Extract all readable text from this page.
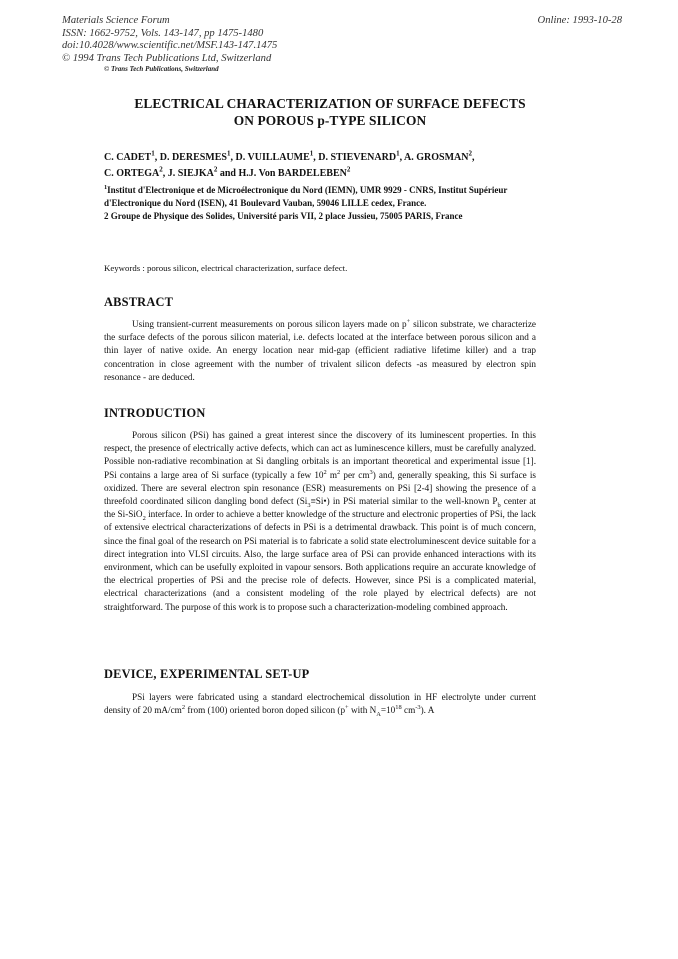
Materials Science Forum	Online: 1993-10-28
ISSN: 1662-9752, Vols. 143-147, pp 1475-1480
doi:10.4028/www.scientific.net/MSF.143-147.1475
© 1994 Trans Tech Publications Ltd, Switzerland
© Trans Tech Publications, Switzerland
ELECTRICAL CHARACTERIZATION OF SURFACE DEFECTS
ON POROUS p-TYPE SILICON
C. CADET$^1$, D. DERESMES$^1$, D. VUILLAUME$^1$, D. STIEVENARD$^1$, A. GROSMAN$^2$,
C. ORTEGA$^2$, J. SIEJKA$^2$ and H.J. Von BARDELEBEN$^2$
$^1$Institut d'Electronique et de Microélectronique du Nord (IEMN), UMR 9929 - CNRS, Institut Supérieur d'Electronique du Nord (ISEN), 41 Boulevard Vauban, 59046 LILLE cedex, France.
2 Groupe de Physique des Solides, Université paris VII, 2 place Jussieu, 75005 PARIS, France
Keywords : porous silicon, electrical characterization, surface defect.
ABSTRACT
Using transient-current measurements on porous silicon layers made on p+ silicon substrate, we characterize the surface defects of the porous silicon material, i.e. defects located at the interface between porous silicon and a thin layer of native oxide. An energy location near mid-gap (efficient radiative lifetime killer) and a trap concentration in close agreement with the number of trivalent silicon defects -as measured by electron spin resonance - are deduced.
INTRODUCTION
Porous silicon (PSi) has gained a great interest since the discovery of its luminescent properties. In this respect, the presence of electrically active defects, which can act as luminescence killers, must be carefully analyzed. Possible non-radiative recombination at Si dangling orbitals is an important theoretical and experimental issue [1]. PSi contains a large area of Si surface (typically a few $10^2$ $m^2$ per $cm^3$) and, generally speaking, this Si surface is oxidized. There are several electron spin resonance (ESR) measurements on PSi [2-4] showing the presence of a threefold coordinated silicon dangling bond defect $(Si_3\equiv Si•)$ in PSi material similar to the well-known $P_b$ center at the Si-SiO$_2$ interface. In order to achieve a better knowledge of the structure and electronic properties of PSi, the lack of extensive electrical characterizations of defects in PSi is a detrimental drawback. This point is of much concern, since the final goal of the research on PSi material is to fabricate a solid state electroluminescent device suitable for a direct integration into VLSI circuits. Also, the large surface area of PSi can provide enhanced interactions with its environment, which can be usefully exploited in vapour sensors. Both applications require an accurate knowledge of the electrical properties of PSi and the precise role of defects. However, since PSi is a complicated material, electrical characterizations (and a consistent modeling of the role played by electrical defects) are not straightforward. The purpose of this work is to propose such a characterization-modeling combined approach.
DEVICE, EXPERIMENTAL SET-UP
PSi layers were fabricated using a standard electrochemical dissolution in HF electrolyte under current density of 20 $mA/cm^2$ from (100) oriented boron doped silicon (p+ with $N_A=10^{18}$ $cm^{-3}$). A
